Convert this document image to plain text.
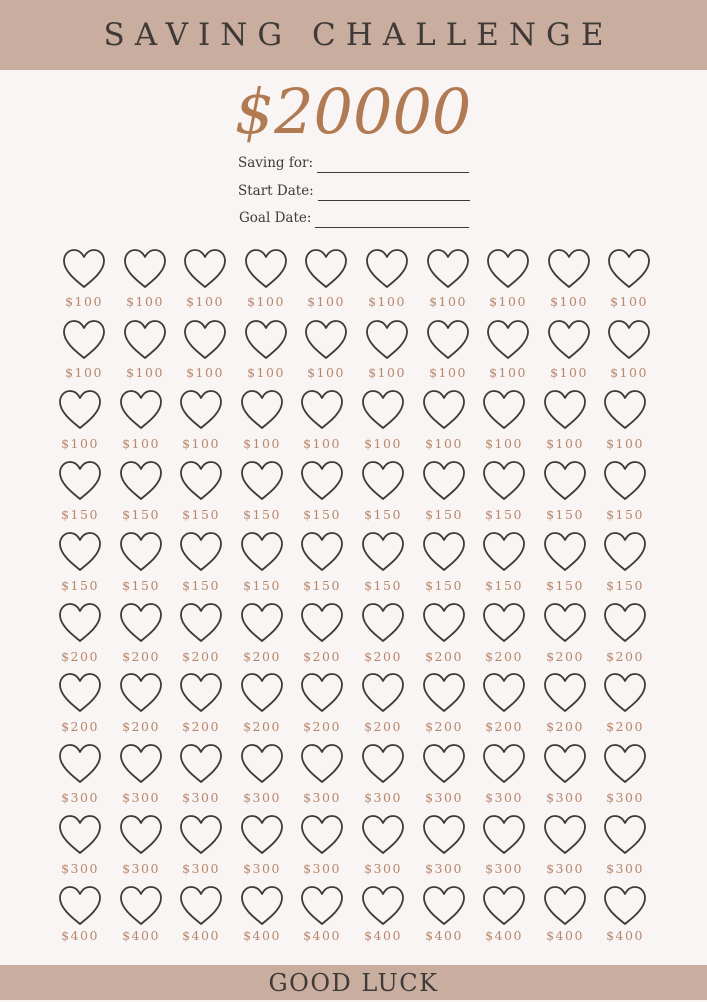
SAVING CHALLENGE
$20000
Saving for:
Start Date:
Goal Date:
$100	$100	$100	$100	$100	$100	$100	$100	$100	$100
$100	$100	$100	$100	$100	$100	$100	$100	$100	$100
$100	$100	$100	$100	$100	$100	$100	$100	$100	$100
$150	$150	$150	$150	$150	$150	$150	$150	$150	$150
$150	$150	$150	$150	$150	$150	$150	$150	$150	$150
$200	$200	$200	$200	$200	$200	$200	$200	$200	$200
$200	$200	$200	$200	$200	$200	$200	$200	$200	$200
$300	$300	$300	$300	$300	$300	$300	$300	$300	$300
$300	$300	$300	$300	$300	$300	$300	$300	$300	$300
$400	$400	$400	$400	$400	$400	$400	$400	$400	$400
GOOD LUCK
